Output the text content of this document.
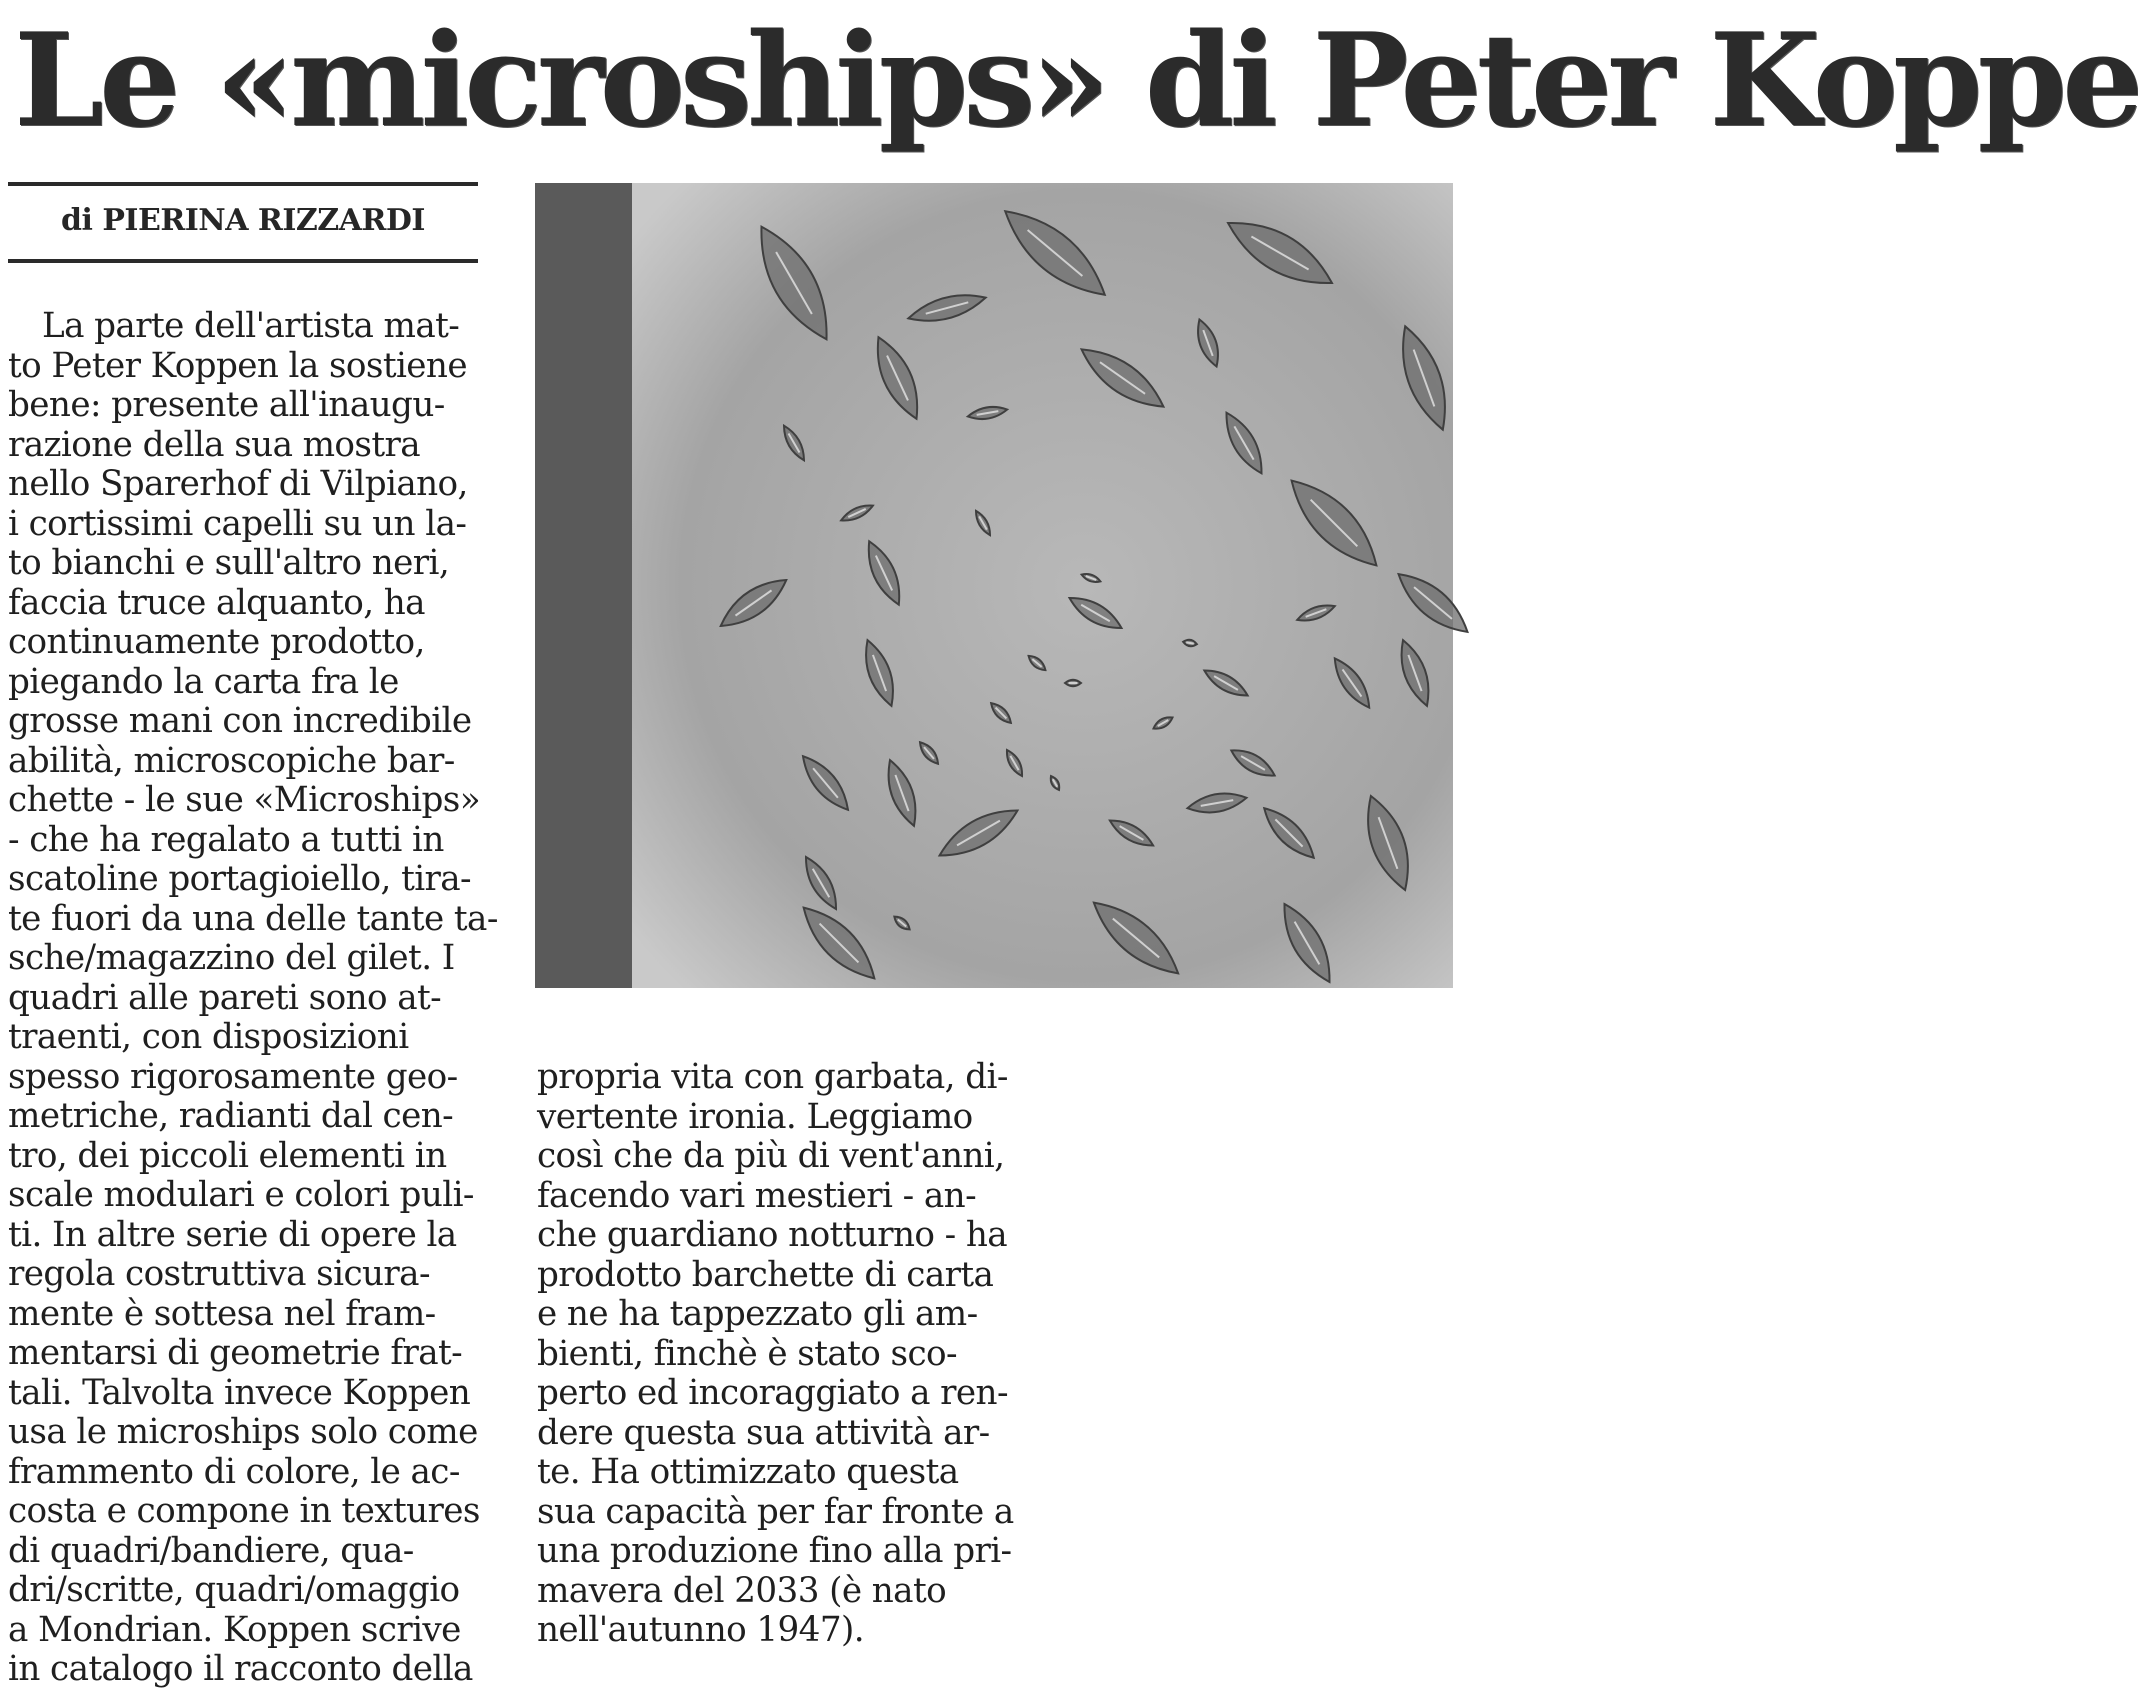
Le «microships» di Peter Koppe
di PIERINA RIZZARDI
La parte dell'artista mat-
to Peter Koppen la sostiene
bene: presente all'inaugu-
razione della sua mostra
nello Sparerhof di Vilpiano,
i cortissimi capelli su un la-
to bianchi e sull'altro neri,
faccia truce alquanto, ha
continuamente prodotto,
piegando la carta fra le
grosse mani con incredibile
abilità, microscopiche bar-
chette - le sue «Microships»
- che ha regalato a tutti in
scatoline portagioiello, tira-
te fuori da una delle tante ta-
sche/magazzino del gilet. I
quadri alle pareti sono at-
traenti, con disposizioni
spesso rigorosamente geo-
metriche, radianti dal cen-
tro, dei piccoli elementi in
scale modulari e colori puli-
ti. In altre serie di opere la
regola costruttiva sicura-
mente è sottesa nel fram-
mentarsi di geometrie frat-
tali. Talvolta invece Koppen
usa le microships solo come
frammento di colore, le ac-
costa e compone in textures
di quadri/bandiere, qua-
dri/scritte, quadri/omaggio
a Mondrian. Koppen scrive
in catalogo il racconto della
propria vita con garbata, di-
vertente ironia. Leggiamo
così che da più di vent'anni,
facendo vari mestieri - an-
che guardiano notturno - ha
prodotto barchette di carta
e ne ha tappezzato gli am-
bienti, finchè è stato sco-
perto ed incoraggiato a ren-
dere questa sua attività ar-
te. Ha ottimizzato questa
sua capacità per far fronte a
una produzione fino alla pri-
mavera del 2033 (è nato
nell'autunno 1947).
